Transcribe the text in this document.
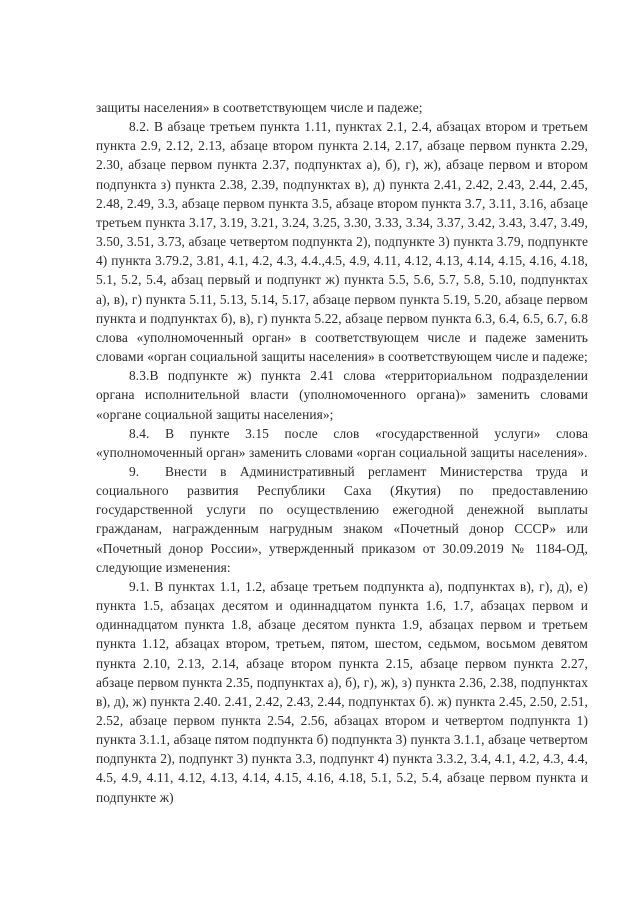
защиты населения» в соответствующем числе и падеже;

8.2. В абзаце третьем пункта 1.11, пунктах 2.1, 2.4, абзацах втором и третьем пункта 2.9, 2.12, 2.13, абзаце втором пункта 2.14, 2.17, абзаце первом пункта 2.29, 2.30, абзаце первом пункта 2.37, подпунктах а), б), г), ж), абзаце первом и втором подпункта з) пункта 2.38, 2.39, подпунктах в), д) пункта 2.41, 2.42, 2.43, 2.44, 2.45, 2.48, 2.49, 3.3, абзаце первом пункта 3.5, абзаце втором пункта 3.7, 3.11, 3.16, абзаце третьем пункта 3.17, 3.19, 3.21, 3.24, 3.25, 3.30, 3.33, 3.34, 3.37, 3.42, 3.43, 3.47, 3.49, 3.50, 3.51, 3.73, абзаце четвертом подпункта 2), подпункте 3) пункта 3.79, подпункте 4) пункта 3.79.2, 3.81, 4.1, 4.2, 4.3, 4.4.,4.5, 4.9, 4.11, 4.12, 4.13, 4.14, 4.15, 4.16, 4.18, 5.1, 5.2, 5.4, абзац первый и подпункт ж) пункта 5.5, 5.6, 5.7, 5.8, 5.10, подпунктах а), в), г) пункта 5.11, 5.13, 5.14, 5.17, абзаце первом пункта 5.19, 5.20, абзаце первом пункта и подпунктах б), в), г) пункта 5.22, абзаце первом пункта 6.3, 6.4, 6.5, 6.7, 6.8 слова «уполномоченный орган» в соответствующем числе и падеже заменить словами «орган социальной защиты населения» в соответствующем числе и падеже;

8.3.В подпункте ж) пункта 2.41 слова «территориальном подразделении органа исполнительной власти (уполномоченного органа)» заменить словами «органе социальной защиты населения»;

8.4. В пункте 3.15 после слов «государственной услуги» слова «уполномоченный орган» заменить словами «орган социальной защиты населения».

9. Внести в Административный регламент Министерства труда и социального развития Республики Саха (Якутия) по предоставлению государственной услуги по осуществлению ежегодной денежной выплаты гражданам, награжденным нагрудным знаком «Почетный донор СССР» или «Почетный донор России», утвержденный приказом от 30.09.2019 № 1184-ОД, следующие изменения:

9.1. В пунктах 1.1, 1.2, абзаце третьем подпункта а), подпунктах в), г), д), е) пункта 1.5, абзацах десятом и одиннадцатом пункта 1.6, 1.7, абзацах первом и одиннадцатом пункта 1.8, абзаце десятом пункта 1.9, абзацах первом и третьем пункта 1.12, абзацах втором, третьем, пятом, шестом, седьмом, восьмом девятом пункта 2.10, 2.13, 2.14, абзаце втором пункта 2.15, абзаце первом пункта 2.27, абзаце первом пункта 2.35, подпунктах а), б), г), ж), з) пункта 2.36, 2.38, подпунктах в), д), ж) пункта 2.40. 2.41, 2.42, 2.43, 2.44, подпунктах б). ж) пункта 2.45, 2.50, 2.51, 2.52, абзаце первом пункта 2.54, 2.56, абзацах втором и четвертом подпункта 1) пункта 3.1.1, абзаце пятом подпункта б) подпункта 3) пункта 3.1.1, абзаце четвертом подпункта 2), подпункт 3) пункта 3.3, подпункт 4) пункта 3.3.2, 3.4, 4.1, 4.2, 4.3, 4.4, 4.5, 4.9, 4.11, 4.12, 4.13, 4.14, 4.15, 4.16, 4.18, 5.1, 5.2, 5.4, абзаце первом пункта и подпункте ж)
